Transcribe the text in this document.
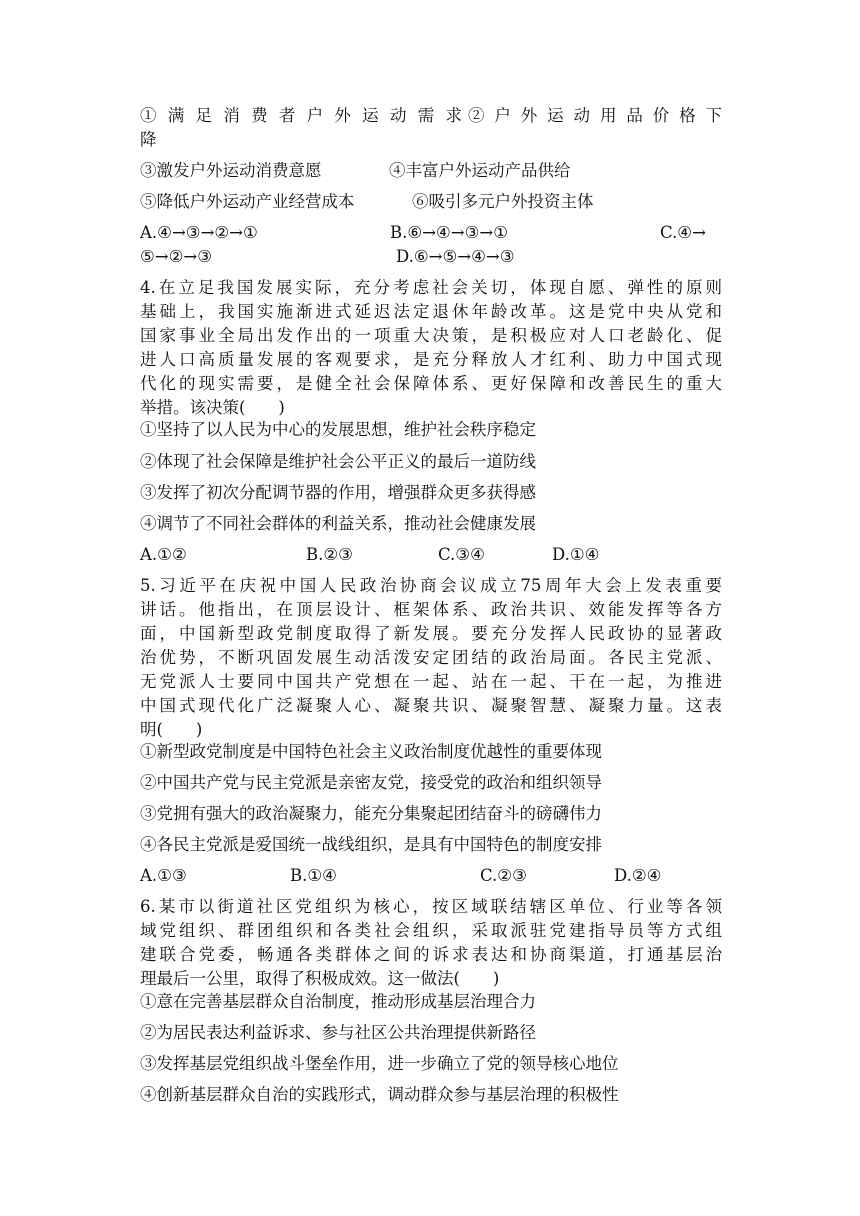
①满足消费者户外运动需求 ②户外运动用品价格下
降
③激发户外运动消费意愿	④丰富户外运动产品供给
⑤降低户外运动产业经营成本	⑥吸引多元户外投资主体
A.④→③→②→①	B.⑥→④→③→①	C.④→
⑤→②→③	D.⑥→⑤→④→③
4.在立足我国发展实际，充分考虑社会关切，体现自愿、弹性的原则
基础上，我国实施渐进式延迟法定退休年龄改革。这是党中央从党和
国家事业全局出发作出的一项重大决策，是积极应对人口老龄化、促
进人口高质量发展的客观要求，是充分释放人才红利、助力中国式现
代化的现实需要，是健全社会保障体系、更好保障和改善民生的重大
举措。该决策(　　)
①坚持了以人民为中心的发展思想，维护社会秩序稳定
②体现了社会保障是维护社会公平正义的最后一道防线
③发挥了初次分配调节器的作用，增强群众更多获得感
④调节了不同社会群体的利益关系，推动社会健康发展
A.①②	B.②③	C.③④	D.①④
5.习近平在庆祝中国人民政治协商会议成立75周年大会上发表重要
讲话。他指出，在顶层设计、框架体系、政治共识、效能发挥等各方
面，中国新型政党制度取得了新发展。要充分发挥人民政协的显著政
治优势，不断巩固发展生动活泼安定团结的政治局面。各民主党派、
无党派人士要同中国共产党想在一起、站在一起、干在一起，为推进
中国式现代化广泛凝聚人心、凝聚共识、凝聚智慧、凝聚力量。这表
明(　　)
①新型政党制度是中国特色社会主义政治制度优越性的重要体现
②中国共产党与民主党派是亲密友党，接受党的政治和组织领导
③党拥有强大的政治凝聚力，能充分集聚起团结奋斗的磅礴伟力
④各民主党派是爱国统一战线组织，是具有中国特色的制度安排
A.①③	B.①④	C.②③	D.②④
6.某市以街道社区党组织为核心，按区域联结辖区单位、行业等各领
域党组织、群团组织和各类社会组织，采取派驻党建指导员等方式组
建联合党委，畅通各类群体之间的诉求表达和协商渠道，打通基层治
理最后一公里，取得了积极成效。这一做法(　　)
①意在完善基层群众自治制度，推动形成基层治理合力
②为居民表达利益诉求、参与社区公共治理提供新路径
③发挥基层党组织战斗堡垒作用，进一步确立了党的领导核心地位
④创新基层群众自治的实践形式，调动群众参与基层治理的积极性
